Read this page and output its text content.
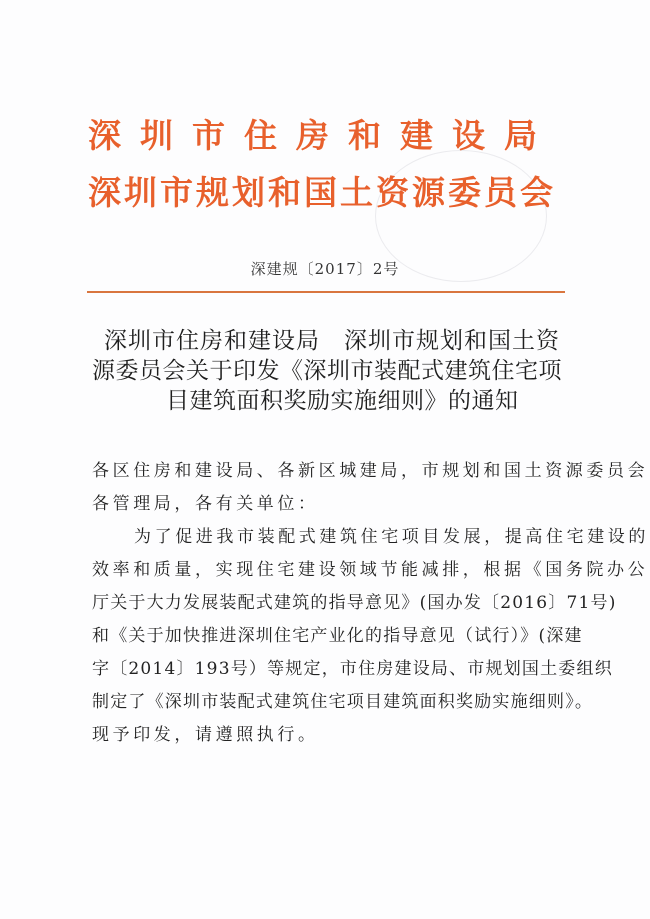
深圳市住房和建设局
深圳市规划和国土资源委员会
深建规〔2017〕2号
深圳市住房和建设局　深圳市规划和国土资
源委员会关于印发《深圳市装配式建筑住宅项
目建筑面积奖励实施细则》的通知
各区住房和建设局、各新区城建局，市规划和国土资源委员会
各管理局，各有关单位：
为了促进我市装配式建筑住宅项目发展，提高住宅建设的
效率和质量，实现住宅建设领域节能减排，根据《国务院办公
厅关于大力发展装配式建筑的指导意见》(国办发〔2016〕71号)
和《关于加快推进深圳住宅产业化的指导意见（试行）》(深建
字〔2014〕193号）等规定，市住房建设局、市规划国土委组织
制定了《深圳市装配式建筑住宅项目建筑面积奖励实施细则》。
现予印发，请遵照执行。
